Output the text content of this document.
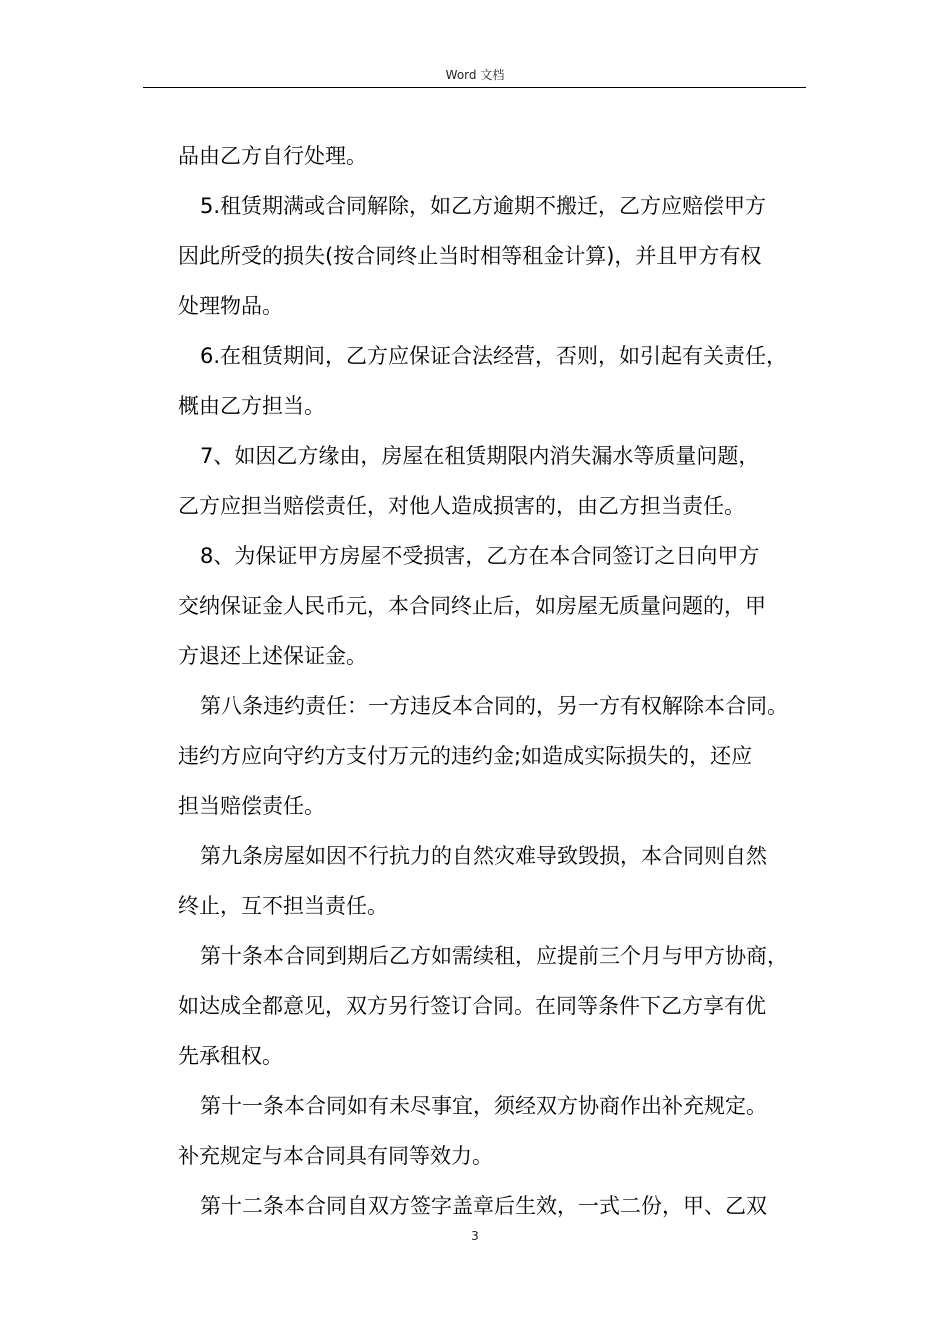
Word 文档
品由乙方自行处理。
5.租赁期满或合同解除，如乙方逾期不搬迁，乙方应赔偿甲方
因此所受的损失(按合同终止当时相等租金计算)，并且甲方有权
处理物品。
6.在租赁期间，乙方应保证合法经营，否则，如引起有关责任，
概由乙方担当。
7、如因乙方缘由，房屋在租赁期限内消失漏水等质量问题，
乙方应担当赔偿责任，对他人造成损害的，由乙方担当责任。
8、为保证甲方房屋不受损害，乙方在本合同签订之日向甲方
交纳保证金人民币元，本合同终止后，如房屋无质量问题的，甲
方退还上述保证金。
第八条违约责任：一方违反本合同的，另一方有权解除本合同。
违约方应向守约方支付万元的违约金;如造成实际损失的，还应
担当赔偿责任。
第九条房屋如因不行抗力的自然灾难导致毁损，本合同则自然
终止，互不担当责任。
第十条本合同到期后乙方如需续租，应提前三个月与甲方协商，
如达成全都意见，双方另行签订合同。在同等条件下乙方享有优
先承租权。
第十一条本合同如有未尽事宜，须经双方协商作出补充规定。
补充规定与本合同具有同等效力。
第十二条本合同自双方签字盖章后生效，一式二份，甲、乙双
3
